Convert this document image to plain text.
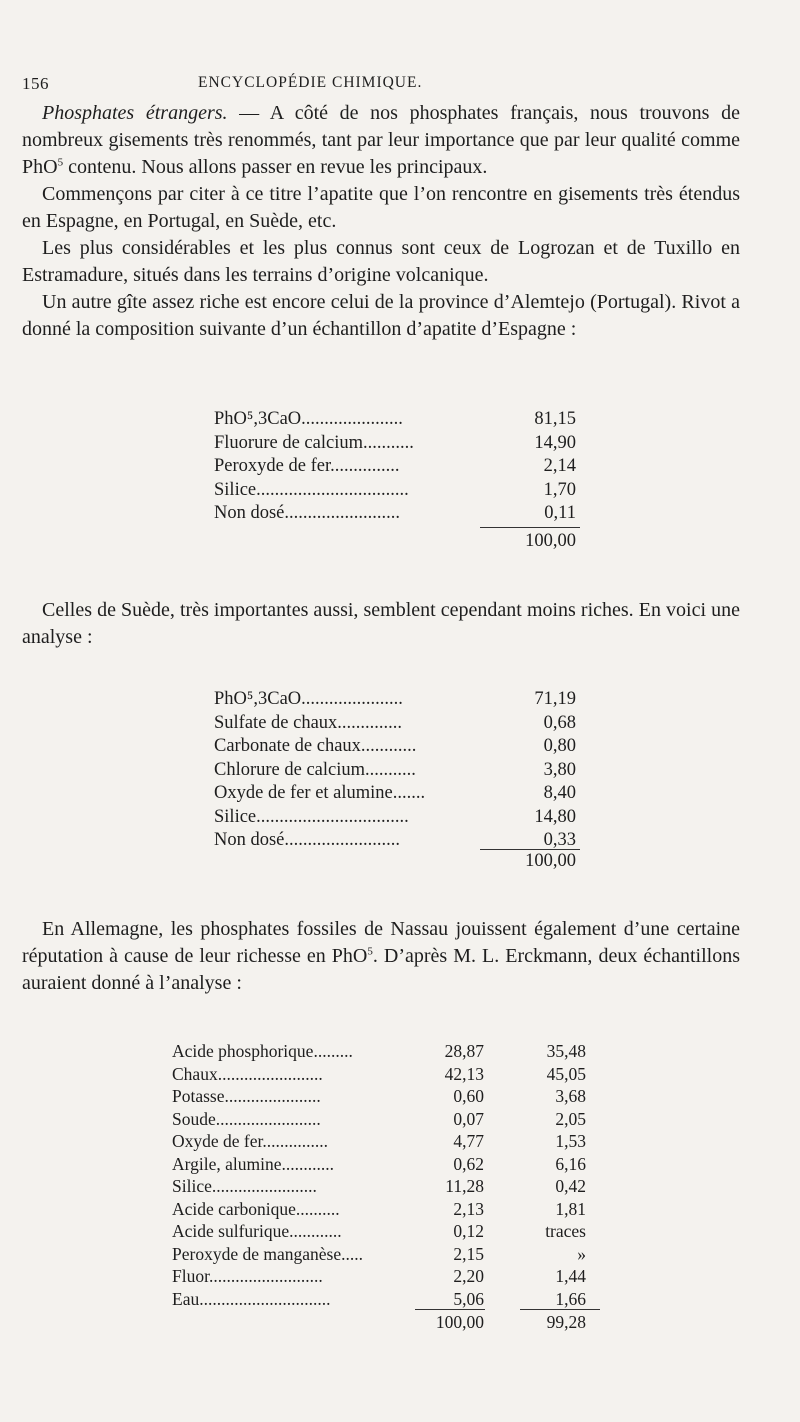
156	ENCYCLOPÉDIE CHIMIQUE.

Phosphates étrangers. — A côté de nos phosphates français, nous trouvons de nombreux gisements très renommés, tant par leur importance que par leur qualité comme PhO$^5$ contenu. Nous allons passer en revue les principaux.

Commençons par citer à ce titre l’apatite que l’on rencontre en gisements très étendus en Espagne, en Portugal, en Suède, etc.

Les plus considérables et les plus connus sont ceux de Logrozan et de Tuxillo en Estramadure, situés dans les terrains d’origine volcanique.

Un autre gîte assez riche est encore celui de la province d’Alemtejo (Portugal). Rivot a donné la composition suivante d’un échantillon d’apatite d’Espagne :

PhO⁵,3CaO......................	81,15
Fluorure de calcium...........	14,90
Peroxyde de fer...............	2,14
Silice.................................	1,70
Non dosé.........................	0,11
100,00

Celles de Suède, très importantes aussi, semblent cependant moins riches. En voici une analyse :

PhO⁵,3CaO......................	71,19
Sulfate de chaux..............	0,68
Carbonate de chaux............	0,80
Chlorure de calcium...........	3,80
Oxyde de fer et alumine.......	8,40
Silice.................................	14,80
Non dosé.........................	0,33
100,00

En Allemagne, les phosphates fossiles de Nassau jouissent également d’une certaine réputation à cause de leur richesse en PhO$^5$. D’après M. L. Erckmann, deux échantillons auraient donné à l’analyse :

Acide phosphorique.........	28,87	35,48
Chaux........................	42,13	45,05
Potasse......................	0,60	3,68
Soude........................	0,07	2,05
Oxyde de fer...............	4,77	1,53
Argile, alumine............	0,62	6,16
Silice........................	11,28	0,42
Acide carbonique..........	2,13	1,81
Acide sulfurique............	0,12	traces
Peroxyde de manganèse.....	2,15	»
Fluor..........................	2,20	1,44
Eau..............................	5,06	1,66
100,00	99,28
